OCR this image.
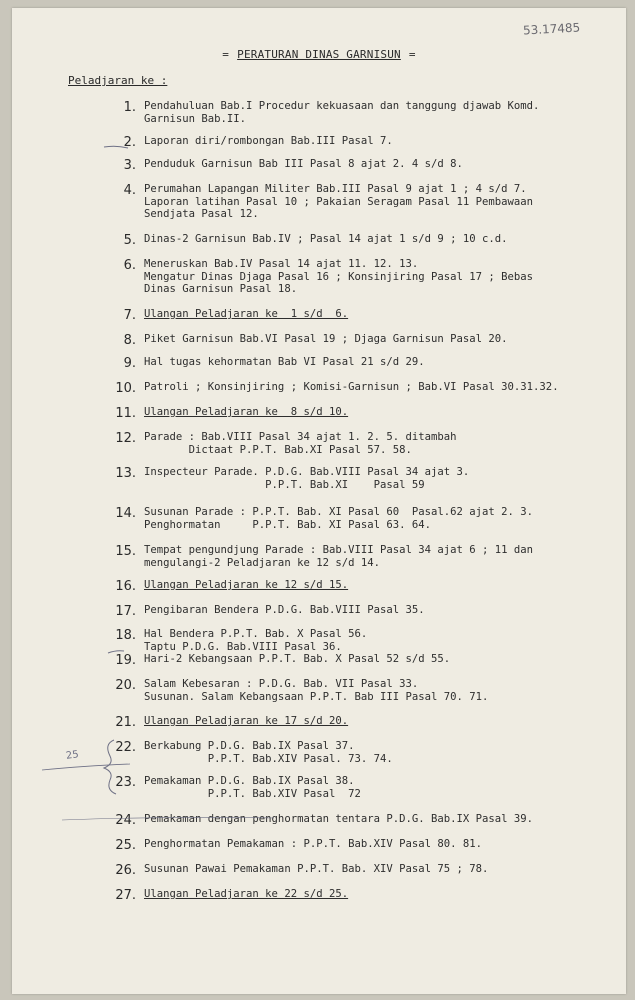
53.17485
= PERATURAN DINAS GARNISUN =
Peladjaran ke :
1. Pendahuluan Bab.I Procedur kekuasaan dan tanggung djawab Komd.
Garnisun Bab.II.
2. Laporan diri/rombongan Bab.III Pasal 7.
3. Penduduk Garnisun Bab III Pasal 8 ajat 2. 4 s/d 8.
4. Perumahan Lapangan Militer Bab.III Pasal 9 ajat 1 ; 4 s/d 7.
Laporan latihan Pasal 10 ; Pakaian Seragam Pasal 11 Pembawaan
Sendjata Pasal 12.
5. Dinas-2 Garnisun Bab.IV ; Pasal 14 ajat 1 s/d 9 ; 10 c.d.
6. Meneruskan Bab.IV Pasal 14 ajat 11. 12. 13.
Mengatur Dinas Djaga Pasal 16 ; Konsinjiring Pasal 17 ; Bebas
Dinas Garnisun Pasal 18.
7. Ulangan Peladjaran ke  1 s/d  6.
8. Piket Garnisun Bab.VI Pasal 19 ; Djaga Garnisun Pasal 20.
9. Hal tugas kehormatan Bab VI Pasal 21 s/d 29.
10. Patroli ; Konsinjiring ; Komisi-Garnisun ; Bab.VI Pasal 30.31.32.
11. Ulangan Peladjaran ke  8 s/d 10.
12. Parade : Bab.VIII Pasal 34 ajat 1. 2. 5. ditambah
Dictaat P.P.T. Bab.XI Pasal 57. 58.
13. Inspecteur Parade. P.D.G. Bab.VIII Pasal 34 ajat 3.
P.P.T. Bab.XI    Pasal 59
14. Susunan Parade : P.P.T. Bab. XI Pasal 60  Pasal.62 ajat 2. 3.
Penghormatan     P.P.T. Bab. XI Pasal 63. 64.
15. Tempat pengundjung Parade : Bab.VIII Pasal 34 ajat 6 ; 11 dan
mengulangi-2 Peladjaran ke 12 s/d 14.
16. Ulangan Peladjaran ke 12 s/d 15.
17. Pengibaran Bendera P.D.G. Bab.VIII Pasal 35.
18. Hal Bendera P.P.T. Bab. X Pasal 56.
Taptu P.D.G. Bab.VIII Pasal 36.
19. Hari-2 Kebangsaan P.P.T. Bab. X Pasal 52 s/d 55.
20. Salam Kebesaran : P.D.G. Bab. VII Pasal 33.
Susunan. Salam Kebangsaan P.P.T. Bab III Pasal 70. 71.
21. Ulangan Peladjaran ke 17 s/d 20.
22. Berkabung P.D.G. Bab.IX Pasal 37.
P.P.T. Bab.XIV Pasal. 73. 74.
23. Pemakaman P.D.G. Bab.IX Pasal 38.
P.P.T. Bab.XIV Pasal  72
24. Pemakaman dengan penghormatan tentara P.D.G. Bab.IX Pasal 39.
25. Penghormatan Pemakaman : P.P.T. Bab.XIV Pasal 80. 81.
26. Susunan Pawai Pemakaman P.P.T. Bab. XIV Pasal 75 ; 78.
27. Ulangan Peladjaran ke 22 s/d 25.
25
